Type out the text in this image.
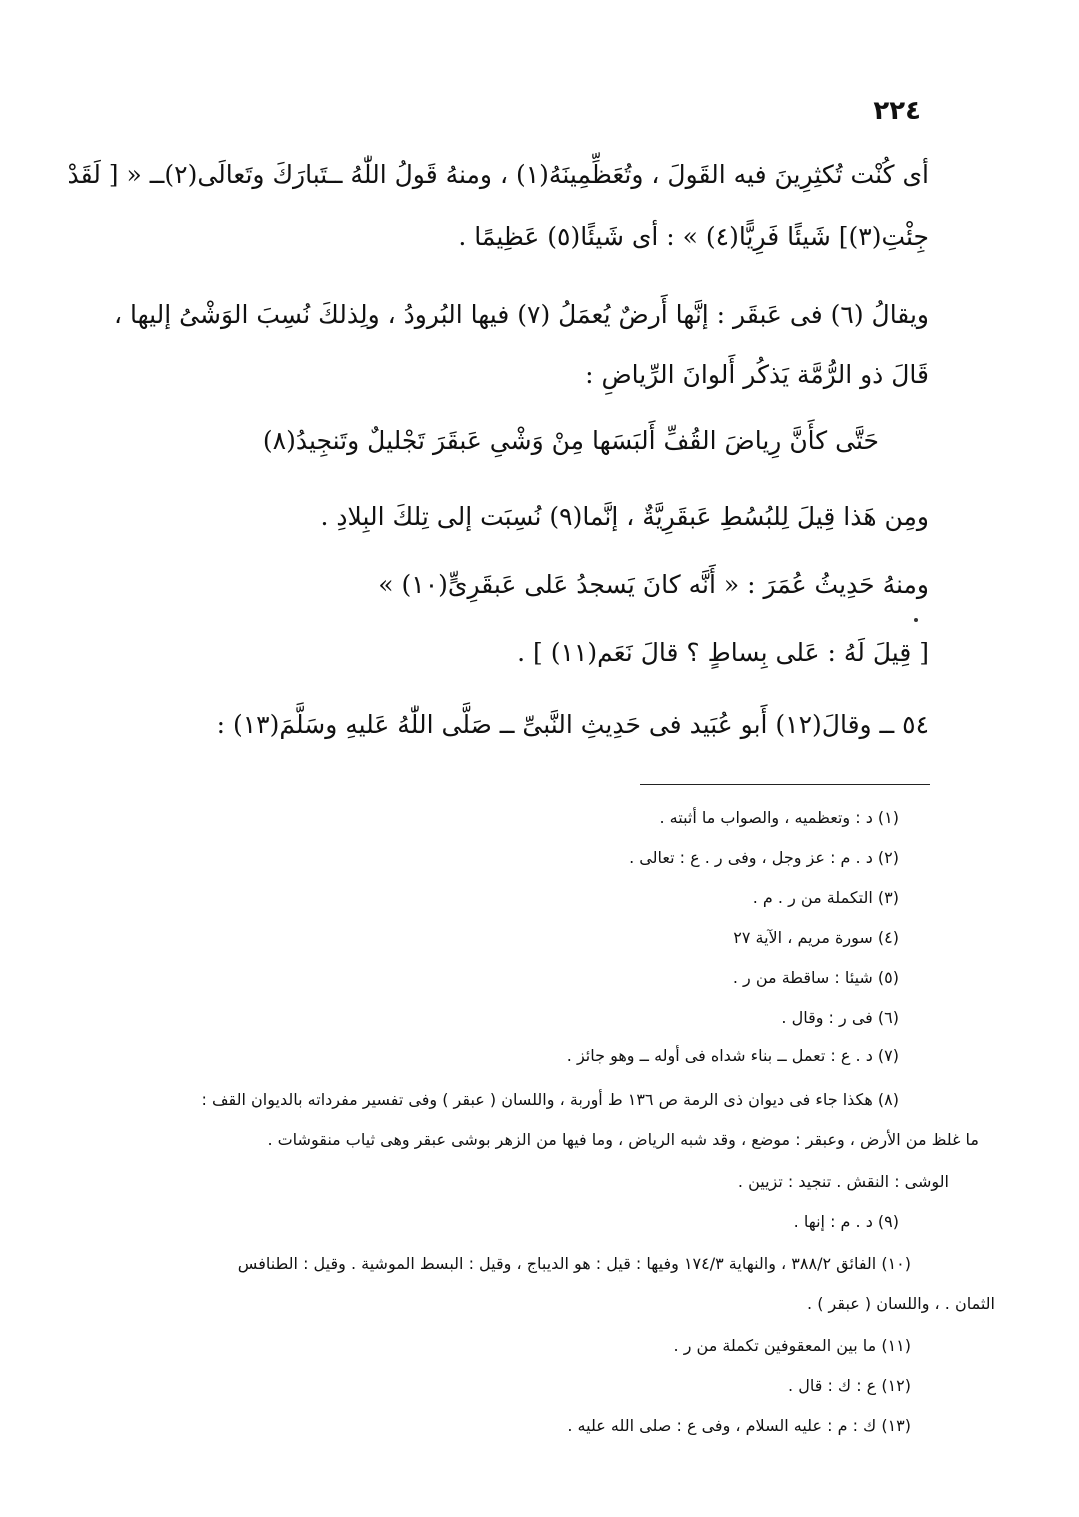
٢٢٤
أى كُنْت تُكثِرِينَ فيه القَولَ ، وتُعَظِّمِينَهُ(١) ، ومنهُ قَولُ اللّٰهُ ــتَبارَكَ وتَعالَى(٢)ــ « [ لَقَدْ
جِئْتِ(٣)] شَيئًا فَرِيًّا(٤) » : أى شَيئًا(٥) عَظِيمًا .
ويقالُ (٦) فى عَبقَر : إنَّها أَرضٌ يُعمَلُ (٧) فيها البُرودُ ، ولِذلكَ نُسِبَ الوَشْىُ إليها ،
قَالَ ذو الرُّمَّة يَذكُر أَلوانَ الرِّياضِ :
حَتَّى كأَنَّ رِياضَ القُفِّ أَلبَسَها مِنْ وَشْىِ عَبقَرَ تَجْليلٌ وتَنجِيدُ(٨)
ومِن هَذا قِيلَ لِلبُسُطِ عَبقَرِيَّةٌ ، إنَّما(٩) نُسِبَت إلى تِلكَ البِلادِ .
ومنهُ حَدِيثُ عُمَرَ : « أَنَّه كانَ يَسجدُ عَلى عَبقَرِىٍّ(١٠) »
[ قِيلَ لَهُ : عَلى بِساطٍ ؟ قالَ نَعَم(١١) ] .
٥٤ ــ وقالَ(١٢) أَبو عُبَيد فى حَدِيثِ النَّبىِّ ــ صَلَّى اللّٰهُ عَليهِ وسَلَّمَ(١٣) :
(١) د : وتعظميه ، والصواب ما أثبته .
(٢) د . م : عز وجل ، وفى ر . ع : تعالى .
(٣) التكملة من ر . م .
(٤) سورة مريم ، الآية ٢٧
(٥) شيئا : ساقطة من ر .
(٦) فى ر : وقال .
(٧) د . ع : تعمل ــ بناء شداه فى أوله ــ وهو جائز .
(٨) هكذا جاء فى ديوان ذى الرمة ص ١٣٦ ط أوربة ، واللسان ( عبقر ) وفى تفسير مفرداته بالديوان القف :
ما غلظ من الأرض ، وعبقر : موضع ، وقد شبه الرياض ، وما فيها من الزهر بوشى عبقر وهى ثياب منقوشات .
الوشى : النقش . تنجيد : تزيين .
(٩) د . م : إنها .
(١٠) الفائق ٣٨٨/٢ ، والنهاية ١٧٤/٣ وفيها : قيل : هو الديباج ، وقيل : البسط الموشية . وقيل : الطنافس
الثمان . ، واللسان ( عبقر ) .
(١١) ما بين المعقوفين تكملة من ر .
(١٢) ع : ك : قال .
(١٣) ك : م : عليه السلام ، وفى ع : صلى الله عليه .
